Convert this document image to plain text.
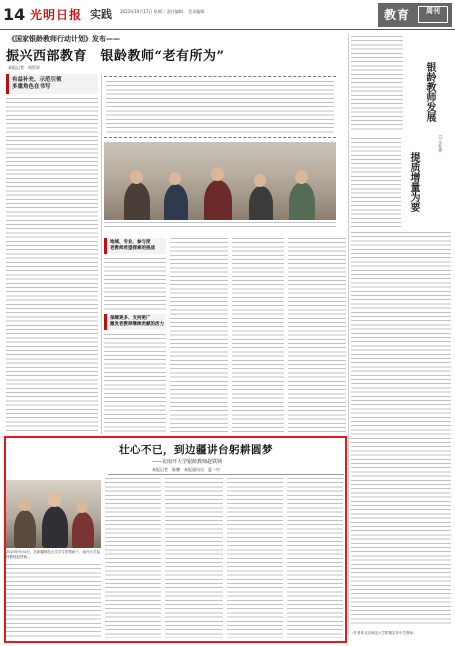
14 光明日报 实践 2023年10月17日 星期二 责任编辑： 美术编辑：	教育	周刊
《国家银龄教师行动计划》发布——
振兴西部教育　银龄教师“老有所为”
本报记者　周世祥
有益补充、示范引领
多重角色在书写
地域、专业、参与度
老教师希望探索的挑战
保障更多、支持更广
激发老教师继续贡献的活力
银龄教师发展
提质增量为要
□ 马发华
（作者系北京师范大学附属实验中学教师）
壮心不已，到边疆讲台躬耕圆梦
——访南开大学银龄教师赵铁锁
本报记者　陈鹏　本报通讯员　夏一中
2023年9月4日，在新疆师范大学学生的帮助下，南开大学退休教授赵铁锁...
